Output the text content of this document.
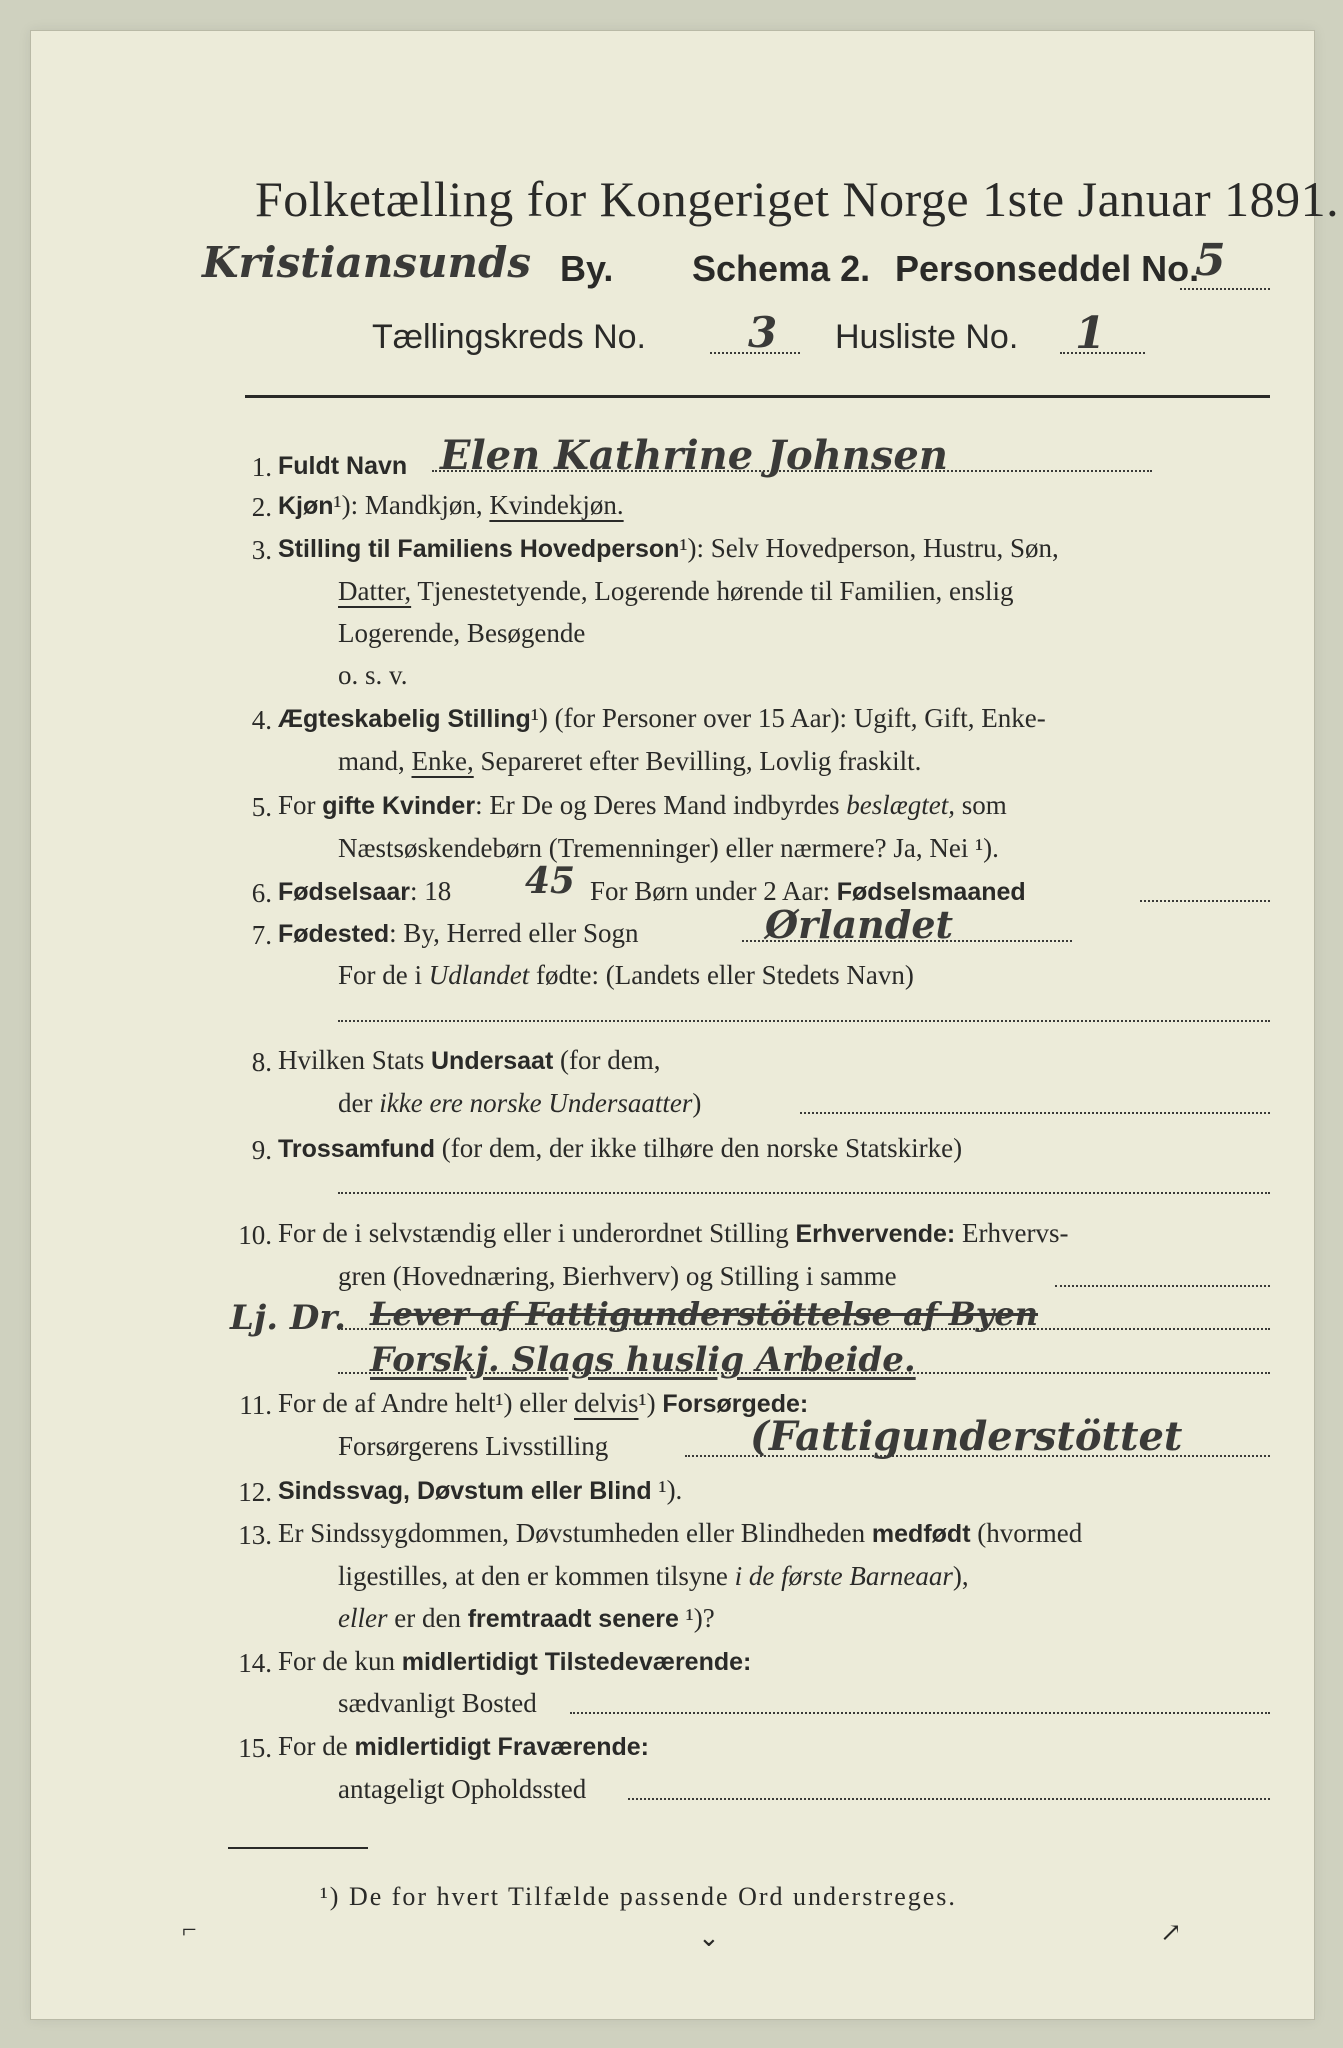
Folketælling for Kongeriget Norge 1ste Januar 1891.
Kristiansunds By. Schema 2. Personseddel No.
5
Tællingskreds No. 3 Husliste No. 1
1.
2.
3.
4.
5.
6.
7.
8.
9.
10.
11.
12.
13.
14.
15.
Fuldt Navn Elen Kathrine Johnsen
Kjøn¹): Mandkjøn, Kvindekjøn.
Stilling til Familiens Hovedperson¹): Selv Hovedperson, Hustru, Søn,
Datter, Tjenestetyende, Logerende hørende til Familien, enslig
Logerende, Besøgende
o. s. v.
Ægteskabelig Stilling¹) (for Personer over 15 Aar): Ugift, Gift, Enke-
mand, Enke, Separeret efter Bevilling, Lovlig fraskilt.
For gifte Kvinder: Er De og Deres Mand indbyrdes beslægtet, som
Næstsøskendebørn (Tremenninger) eller nærmere? Ja, Nei ¹).
Fødselsaar: 18 45 For Børn under 2 Aar: Fødselsmaaned
Fødested: By, Herred eller Sogn	Ørlandet
For de i Udlandet fødte: (Landets eller Stedets Navn)
Hvilken Stats Undersaat (for dem,
der ikke ere norske Undersaatter)
Trossamfund (for dem, der ikke tilhøre den norske Statskirke)
For de i selvstændig eller i underordnet Stilling Erhvervende: Erhvervs-
gren (Hovednæring, Bierhverv) og Stilling i samme
Lj. Dr. Lever af Fattigunderstöttelse af Byen
Forskj. Slags huslig Arbeide.
For de af Andre helt¹) eller delvis¹) Forsørgede:
Forsørgerens Livsstilling	(Fattigunderstöttet
Sindssvag, Døvstum eller Blind ¹).
Er Sindssygdommen, Døvstumheden eller Blindheden medfødt (hvormed
ligestilles, at den er kommen tilsyne i de første Barneaar),
eller er den fremtraadt senere ¹)?
For de kun midlertidigt Tilstedeværende:
sædvanligt Bosted
For de midlertidigt Fraværende:
antageligt Opholdssted
¹) De for hvert Tilfælde passende Ord understreges.
⌐	⌄	↗
